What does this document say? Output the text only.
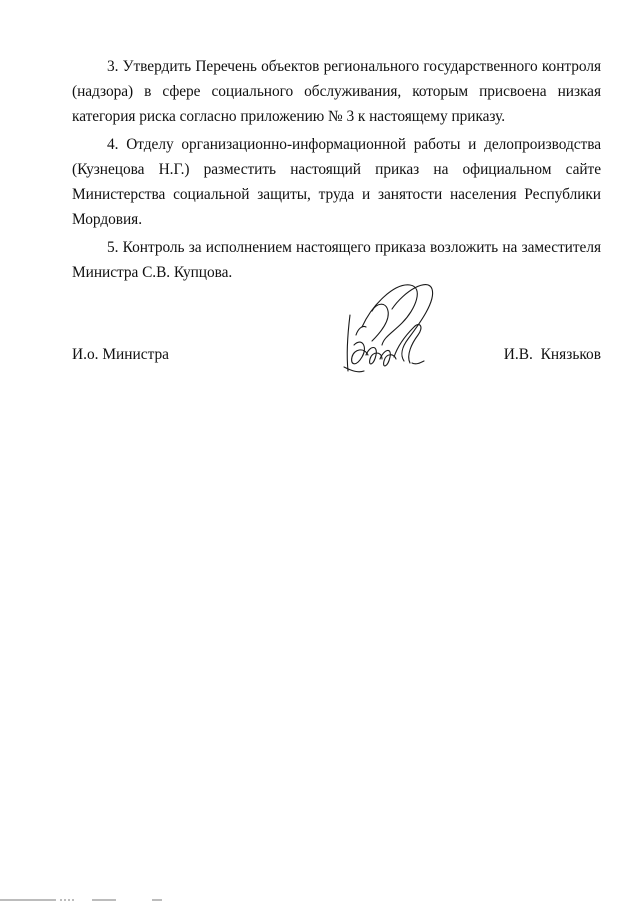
3. Утвердить Перечень объектов регионального государственного контроля (надзора) в сфере социального обслуживания, которым присвоена низкая категория риска согласно приложению № 3 к настоящему приказу.

4. Отделу организационно-информационной работы и делопроизводства (Кузнецова Н.Г.) разместить настоящий приказ на официальном сайте Министерства социальной защиты, труда и занятости населения Республики Мордовия.

5. Контроль за исполнением настоящего приказа возложить на заместителя Министра С.В. Купцова.

И.о. Министра	И.В. Князьков
